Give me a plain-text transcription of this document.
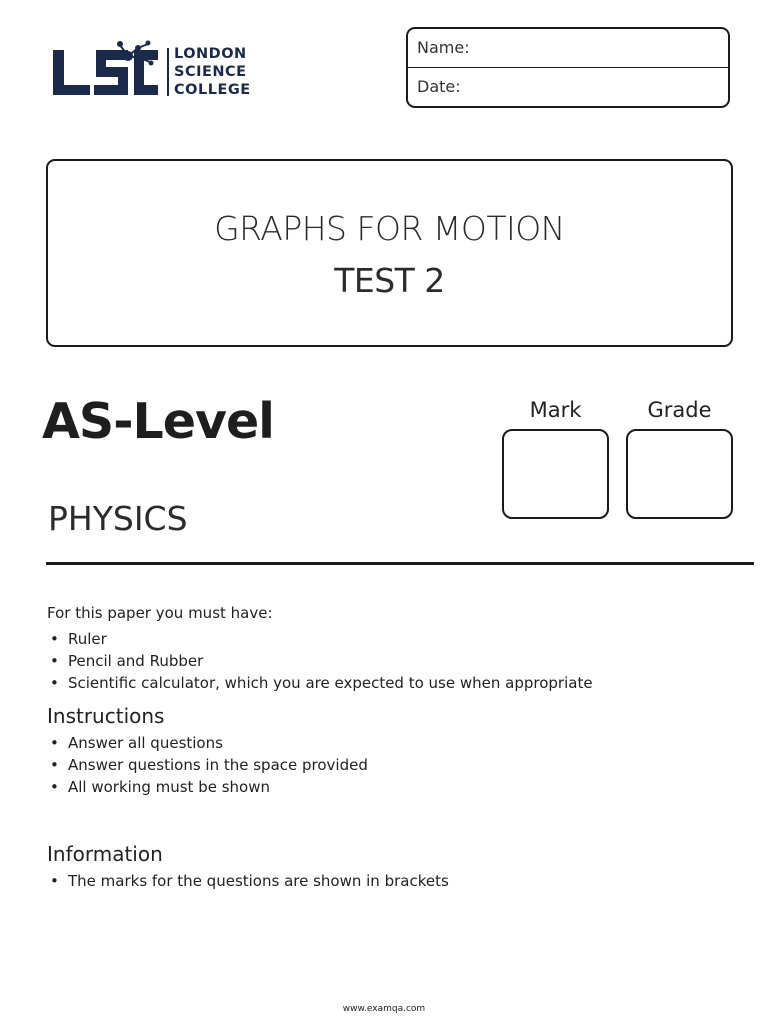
LONDON
SCIENCE
COLLEGE
Name:
Date:
GRAPHS FOR MOTION
TEST 2
AS-Level
PHYSICS
Mark	Grade
For this paper you must have:
• Ruler
• Pencil and Rubber
• Scientific calculator, which you are expected to use when appropriate
Instructions
• Answer all questions
• Answer questions in the space provided
• All working must be shown
Information
• The marks for the questions are shown in brackets
www.examqa.com
